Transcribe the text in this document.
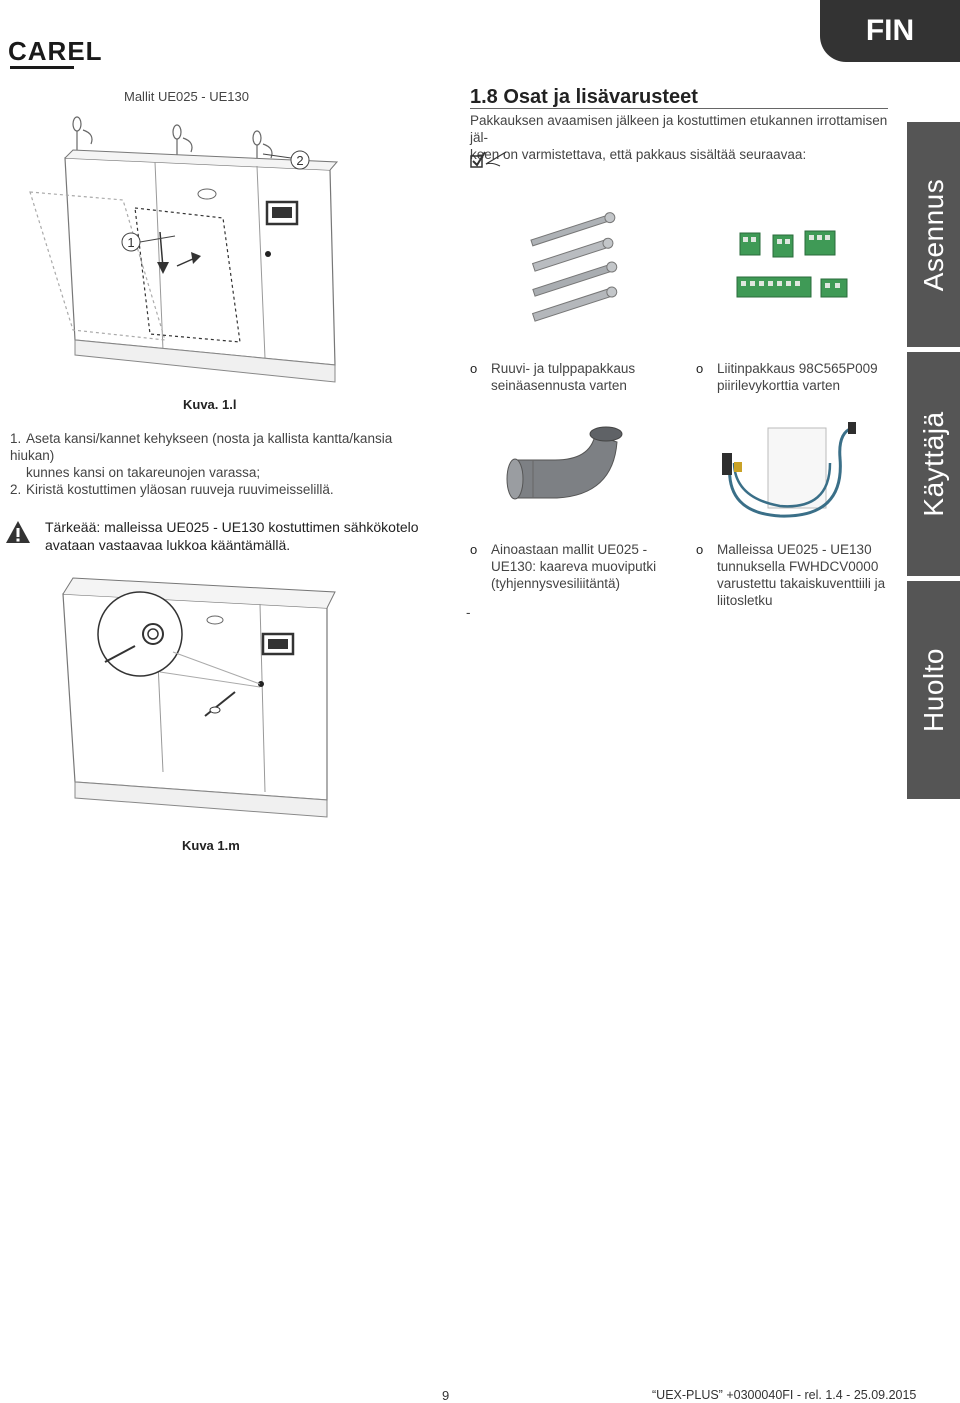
CAREL
FIN
Asennus
Käyttäjä
Huolto
Mallit UE025 - UE130
1
2
Kuva. 1.l
1. Aseta kansi/kannet kehykseen (nosta ja kallista kantta/kansia hiukan)
kunnes kansi on takareunojen varassa;
2. Kiristä kostuttimen yläosan ruuveja ruuvimeisselillä.
Tärkeää: malleissa UE025 - UE130 kostuttimen sähkökotelo
avataan vastaavaa lukkoa kääntämällä.
Kuva 1.m
1.8 Osat ja lisävarusteet
Pakkauksen avaamisen jälkeen ja kostuttimen etukannen irrottamisen jäl-
keen on varmistettava, että pakkaus sisältää seuraavaa:
o Ruuvi- ja tulppapakkaus
seinäasennusta varten
o Liitinpakkaus 98C565P009
piirilevykorttia varten
o Ainoastaan mallit UE025 -
UE130: kaareva muoviputki
(tyhjennysvesiliitäntä)
o Malleissa UE025 - UE130
tunnuksella FWHDCV0000
varustettu takaiskuventtiili ja
liitosletku
-
9	“UEX-PLUS” +0300040FI - rel. 1.4 - 25.09.2015
